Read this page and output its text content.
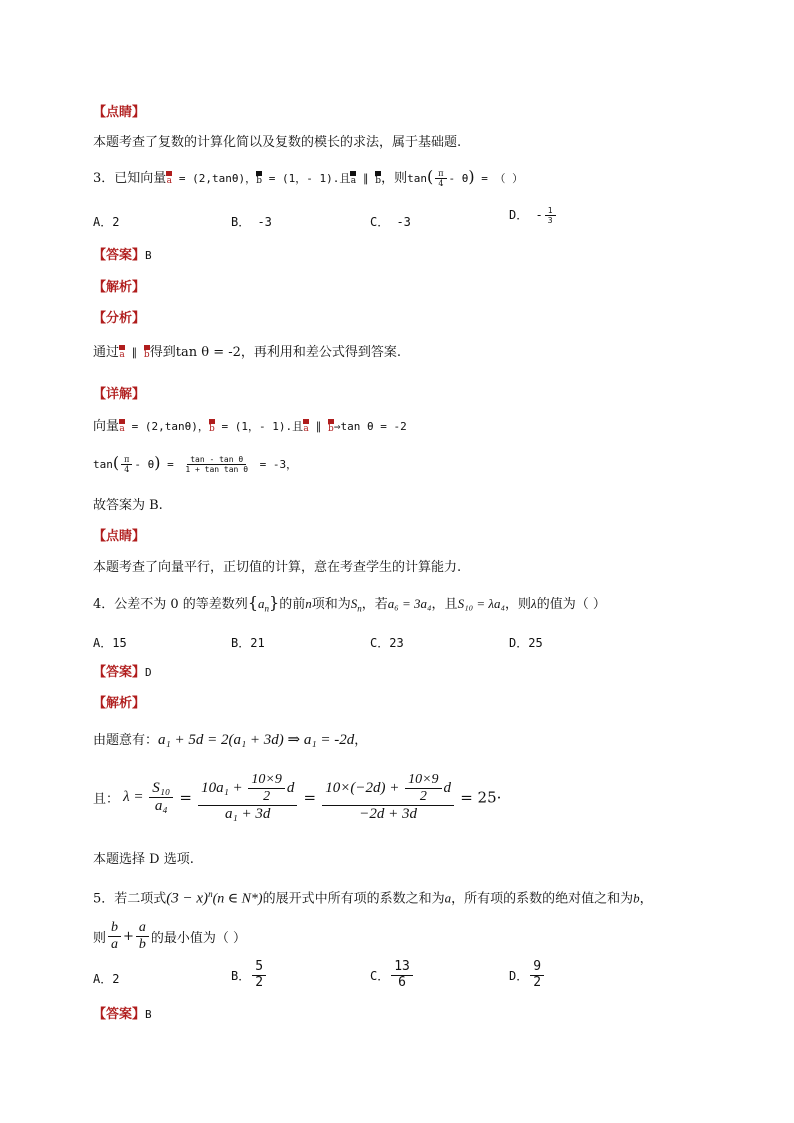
【点睛】
本题考查了复数的计算化简以及复数的模长的求法，属于基础题.
3．已知向量 a = (2,tanθ)， b = (1，- 1).且 a ∥ b ，则$\tan( \frac{\pi}{4} - \theta)$ = （ ）
A．2	B． -3	C． -3	D． - $\frac{1}{3}$
【答案】B
【解析】
【分析】
通过 a ∥ b 得到tan θ = -2，再利用和差公式得到答案.
【详解】
向量 a = (2,tanθ)， b = (1，- 1).且 a ∥ b ⇒tan θ = -2
$\tan( \frac{\pi}{4} - \theta) = \frac{\text{tan - tan θ}}{\text{1 + tan tan θ}} = -3$，
故答案为 B.
【点睛】
本题考查了向量平行，正切值的计算，意在考查学生的计算能力.
4．公差不为 0 的等差数列$\{a_n\}$的前n项和为$S_n$，若a₆ = 3a₄，且S₁₀ = λa₄，则λ的值为（ ）
A．15	B．21	C．23	D．25
【答案】D
【解析】
由题意有：a₁ + 5d = 2(a₁ + 3d) ⇒ a₁ = -2d，
且： $\lambda = \frac{\text{S₁₀}}{\text{a₄}} = \frac{10a_1 + \frac{10\times 9}{2} d}{\text{a₁ + 3d}} = \frac{10\times(-2d) + \frac{10\times 9}{2} d}{-2d + 3d} = 25\cdot$
本题选择 D 选项.
5．若二项式$(3 - x)^n(n$ ∈ N*)的展开式中所有项的系数之和为a，所有项的系数的绝对值之和为b，
则 $\frac{b}{a} + \frac{a}{b}$ 的最小值为（ ）
A．2	B． $\frac{5}{2}$	C． $\frac{13}{6}$	D． $\frac{9}{2}$
【答案】B
